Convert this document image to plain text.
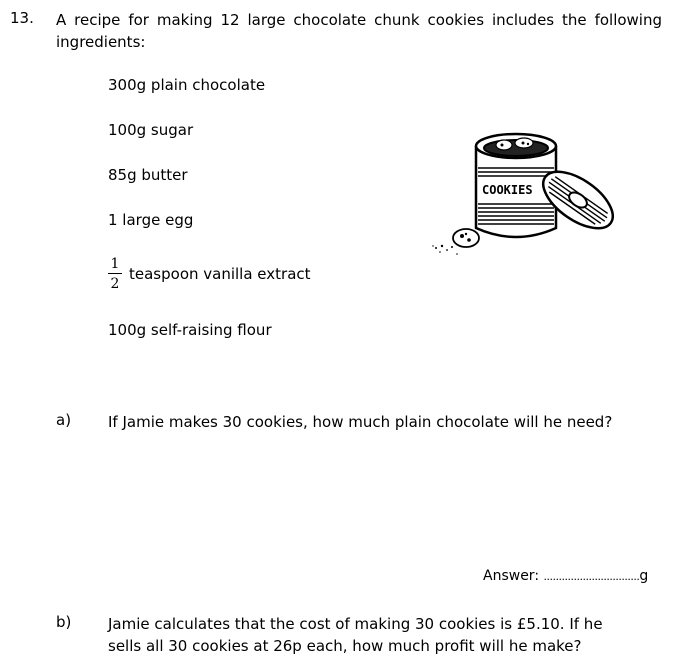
13. A recipe for making 12 large chocolate chunk cookies includes the following ingredients:
300g plain chocolate
100g sugar
85g butter
1 large egg
1
2
teaspoon vanilla extract
100g self-raising flour
COOKIES
a) If Jamie makes 30 cookies, how much plain chocolate will he need?
Answer: ................................g
b) Jamie calculates that the cost of making 30 cookies is £5.10. If he sells all 30 cookies at 26p each, how much profit will he make?
